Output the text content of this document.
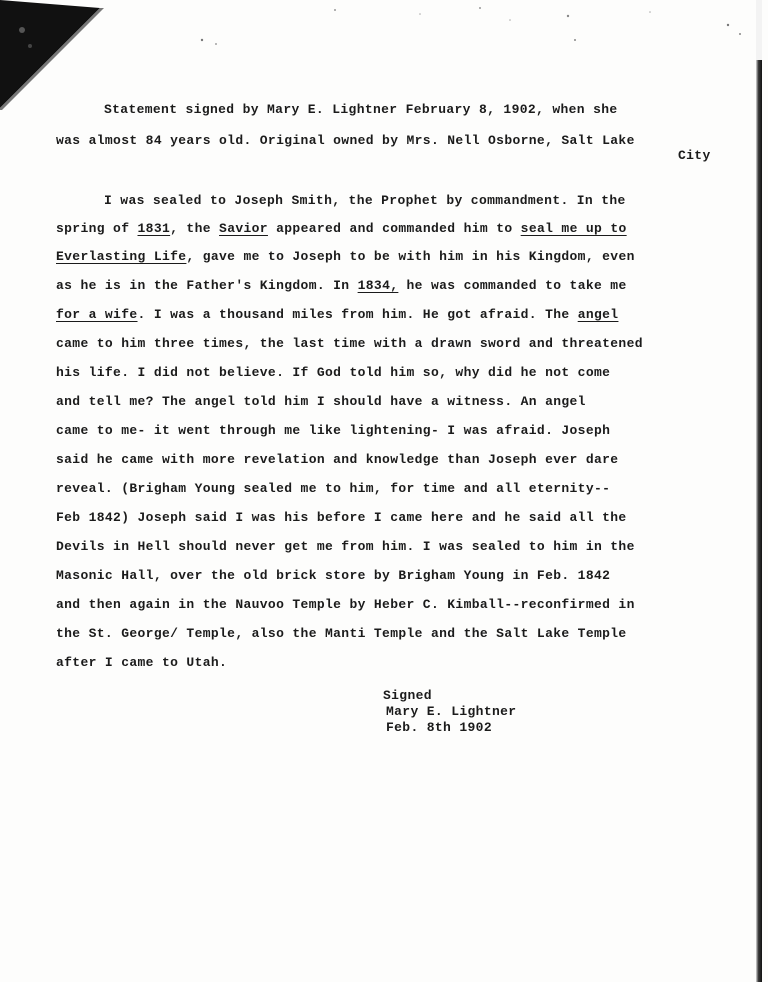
Statement signed by Mary E. Lightner February 8, 1902, when she
was almost 84 years old. Original owned by Mrs. Nell Osborne, Salt Lake
City
I was sealed to Joseph Smith, the Prophet by commandment. In the
spring of 1831, the Savior appeared and commanded him to seal me up to
Everlasting Life, gave me to Joseph to be with him in his Kingdom, even
as he is in the Father's Kingdom. In 1834, he was commanded to take me
for a wife. I was a thousand miles from him. He got afraid. The angel
came to him three times, the last time with a drawn sword and threatened
his life. I did not believe. If God told him so, why did he not come
and tell me? The angel told him I should have a witness. An angel
came to me- it went through me like lightening- I was afraid. Joseph
said he came with more revelation and knowledge than Joseph ever dare
reveal. (Brigham Young sealed me to him, for time and all eternity--
Feb 1842) Joseph said I was his before I came here and he said all the
Devils in Hell should never get me from him. I was sealed to him in the
Masonic Hall, over the old brick store by Brigham Young in Feb. 1842
and then again in the Nauvoo Temple by Heber C. Kimball--reconfirmed in
the St. George/ Temple, also the Manti Temple and the Salt Lake Temple
after I came to Utah.
Signed
Mary E. Lightner
Feb. 8th 1902
